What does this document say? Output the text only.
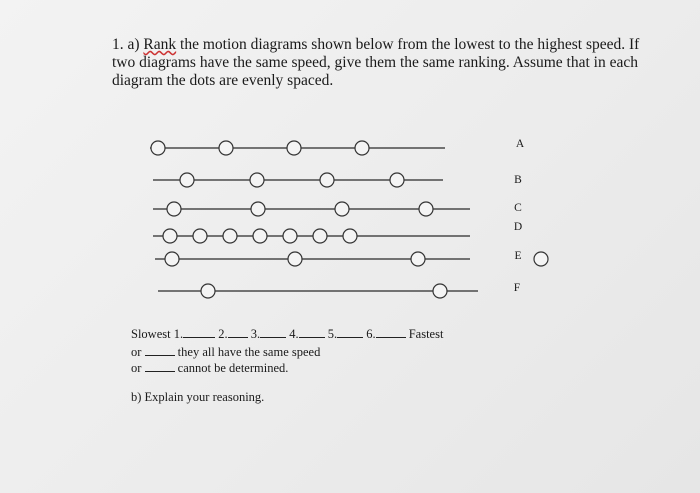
1. a) Rank the motion diagrams shown below from the lowest to the highest speed. If
two diagrams have the same speed, give them the same ranking. Assume that in each
diagram the dots are evenly spaced.
A
B
C
D
E
F
Slowest 1.	2. 3. 4. 5. 6.	Fastest
or	they all have the same speed
or	cannot be determined.
b) Explain your reasoning.
